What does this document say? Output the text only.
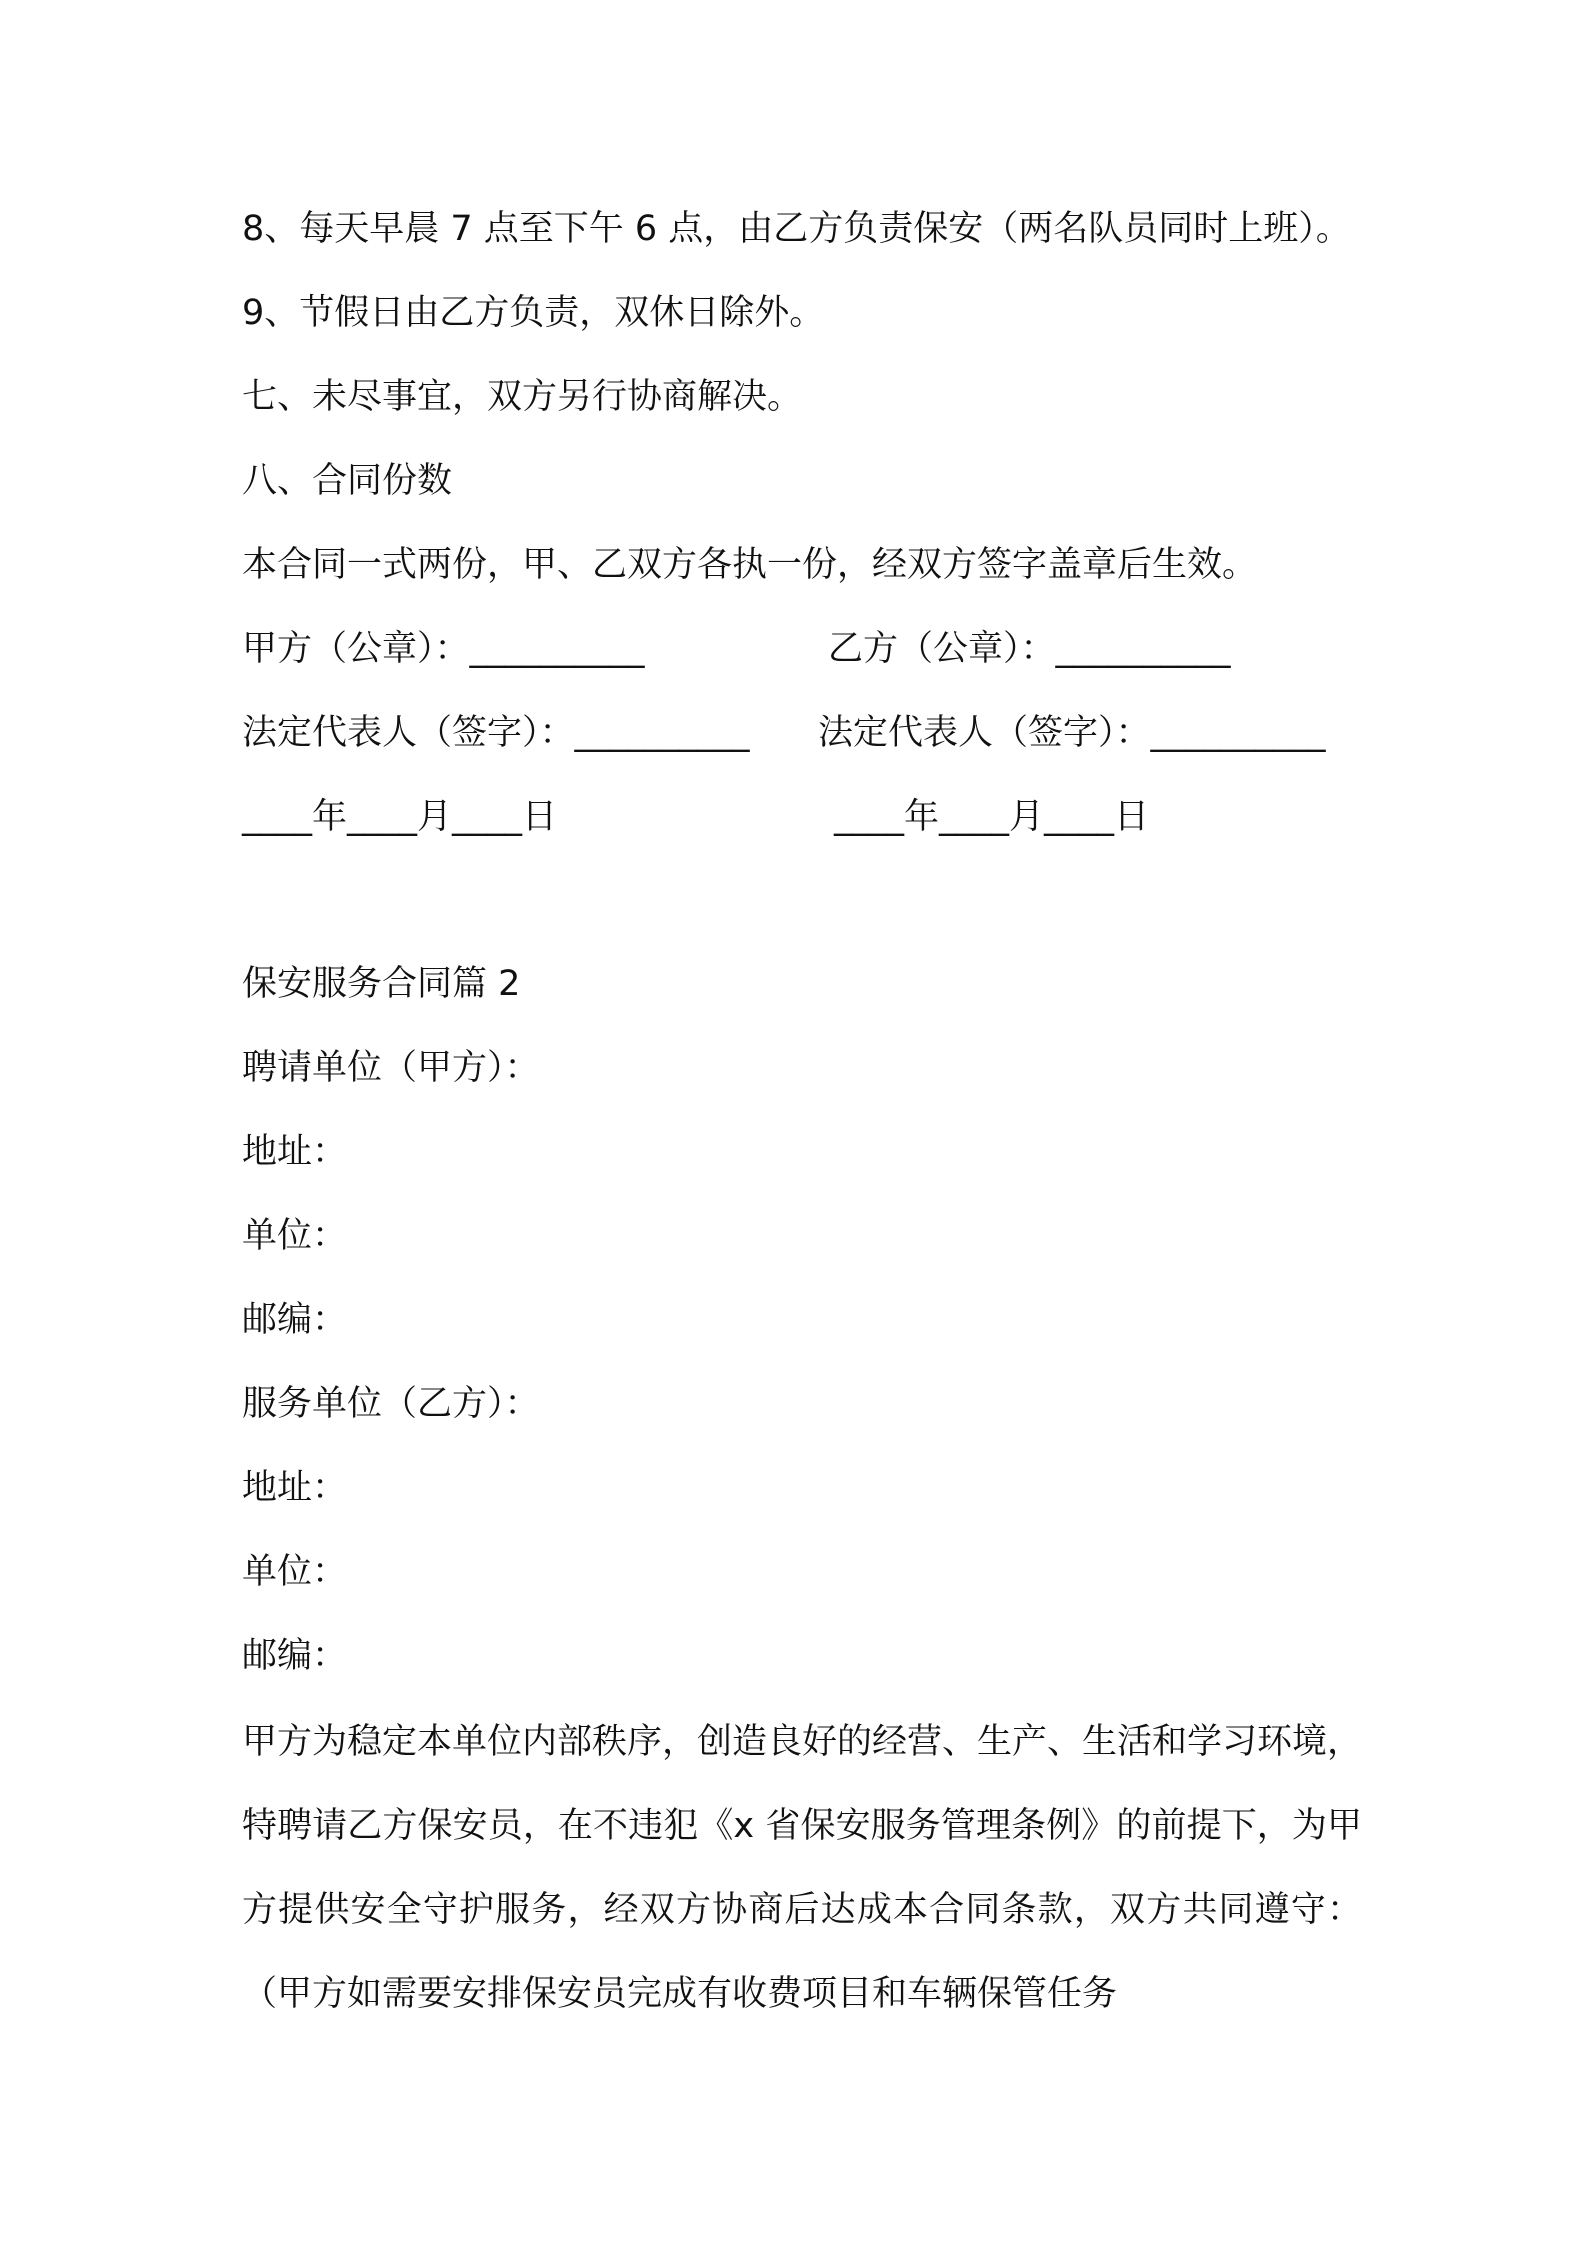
8、每天早晨 7 点至下午 6 点，由乙方负责保安（两名队员同时上班）。

9、节假日由乙方负责，双休日除外。

七、未尽事宜，双方另行协商解决。

八、合同份数

本合同一式两份，甲、乙双方各执一份，经双方签字盖章后生效。

甲方（公章）：__________	乙方（公章）：__________

法定代表人（签字）：__________ 法定代表人（签字）：__________

____年____月____日	____年____月____日

保安服务合同篇 2

聘请单位（甲方）：

地址：

单位：

邮编：

服务单位（乙方）：

地址：

单位：

邮编：

甲方为稳定本单位内部秩序，创造良好的经营、生产、生活和学习环境，特聘请乙方保安员，在不违犯《x 省保安服务管理条例》的前提下，为甲方提供安全守护服务，经双方协商后达成本合同条款，双方共同遵守：（甲方如需要安排保安员完成有收费项目和车辆保管任务
